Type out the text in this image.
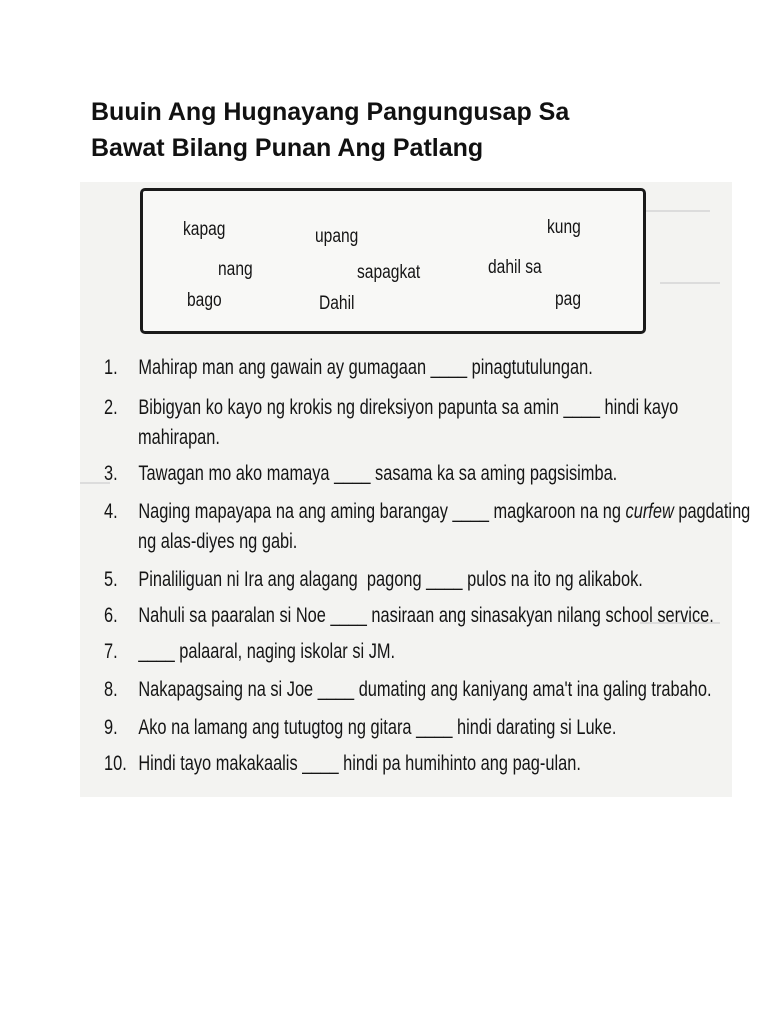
Buuin Ang Hugnayang Pangungusap Sa
Bawat Bilang Punan Ang Patlang
kapag	upang	kung
nang	sapagkat	dahil sa
bago	Dahil	pag
1. Mahirap man ang gawain ay gumagaan ____ pinagtutulungan.
2. Bibigyan ko kayo ng krokis ng direksiyon papunta sa amin ____ hindi kayo
mahirapan.
3. Tawagan mo ako mamaya ____ sasama ka sa aming pagsisimba.
4. Naging mapayapa na ang aming barangay ____ magkaroon na ng curfew pagdating
ng alas-diyes ng gabi.
5. Pinaliliguan ni Ira ang alagang  pagong ____ pulos na ito ng alikabok.
6. Nahuli sa paaralan si Noe ____ nasiraan ang sinasakyan nilang school service.
7. ____ palaaral, naging iskolar si JM.
8. Nakapagsaing na si Joe ____ dumating ang kaniyang ama't ina galing trabaho.
9. Ako na lamang ang tutugtog ng gitara ____ hindi darating si Luke.
10. Hindi tayo makakaalis ____ hindi pa humihinto ang pag-ulan.
